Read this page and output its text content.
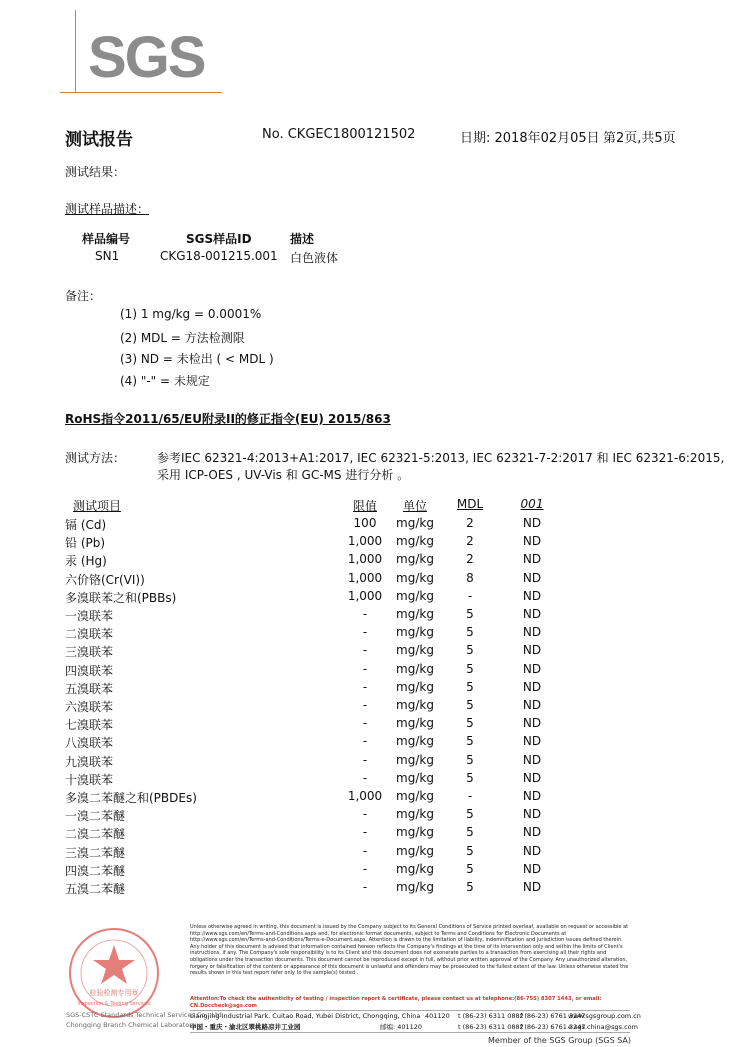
SGS
测试报告	No. CKGEC1800121502	日期: 2018年02月05日 第2页,共5页
测试结果：
测试样品描述：
样品编号	SGS样品ID	描述
SN1	CKG18-001215.001 白色液体
备注：
(1) 1 mg/kg = 0.0001%
(2) MDL = 方法检测限
(3) ND = 未检出 ( < MDL )
(4) "-" = 未规定
RoHS指令2011/65/EU附录II的修正指令(EU) 2015/863
测试方法：	参考IEC 62321-4:2013+A1:2017, IEC 62321-5:2013, IEC 62321-7-2:2017 和 IEC 62321-6:2015,
采用 ICP-OES , UV-Vis 和 GC-MS 进行分析 。
测试项目	限值	单位	MDL	001
镉 (Cd)	100	mg/kg	2	ND
铅 (Pb)	1,000	mg/kg	2	ND
汞 (Hg)	1,000	mg/kg	2	ND
六价铬(Cr(VI))	1,000	mg/kg	8	ND
多溴联苯之和(PBBs)	1,000	mg/kg	-	ND
一溴联苯	-	mg/kg	5	ND
二溴联苯	-	mg/kg	5	ND
三溴联苯	-	mg/kg	5	ND
四溴联苯	-	mg/kg	5	ND
五溴联苯	-	mg/kg	5	ND
六溴联苯	-	mg/kg	5	ND
七溴联苯	-	mg/kg	5	ND
八溴联苯	-	mg/kg	5	ND
九溴联苯	-	mg/kg	5	ND
十溴联苯	-	mg/kg	5	ND
多溴二苯醚之和(PBDEs)	1,000	mg/kg	-	ND
一溴二苯醚	-	mg/kg	5	ND
二溴二苯醚	-	mg/kg	5	ND
三溴二苯醚	-	mg/kg	5	ND
四溴二苯醚	-	mg/kg	5	ND
五溴二苯醚	-	mg/kg	5	ND
检验检测专用章
Inspection & Testing Services
Unless otherwise agreed in writing, this document is issued by the Company subject to its General Conditions of Service printed overleaf, available on request or accessible at http://www.sgs.com/en/Terms-and-Conditions.aspx and, for electronic format documents, subject to Terms and Conditions for Electronic Documents at http://www.sgs.com/en/Terms-and-Conditions/Terms-e-Document.aspx. Attention is drawn to the limitation of liability, indemnification and jurisdiction issues defined therein. Any holder of this document is advised that information contained hereon reflects the Company's findings at the time of its intervention only and within the limits of Client's instructions, if any. The Company's sole responsibility is to its Client and this document does not exonerate parties to a transaction from exercising all their rights and obligations under the transaction documents. This document cannot be reproduced except in full, without prior written approval of the Company. Any unauthorized alteration, forgery or falsification of the content or appearance of this document is unlawful and offenders may be prosecuted to the fullest extent of the law. Unless otherwise stated the results shown in this test report refer only to the sample(s) tested .
Attention:To check the authenticity of testing / inspection report & certificate, please contact us at telephone:(86-755) 8307 1443, or email: CN.Doccheck@sgs.com
SGS-CSTC Standards Technical Services Co., Ltd.
Chongqing Branch Chemical Laboratory.
Liangjing Industrial Park, Cuitao Road, Yubei District, Chongqing, China 401120 t (86-23) 6311 0882
f (86-23) 6761 3247
www.sgsgroup.com.cn
中国・重庆・渝北区翠桃路凉井工业园	邮编: 401120	t (86-23) 6311 0882
f (86-23) 6761 3247
e sgs.china@sgs.com
Member of the SGS Group (SGS SA)
